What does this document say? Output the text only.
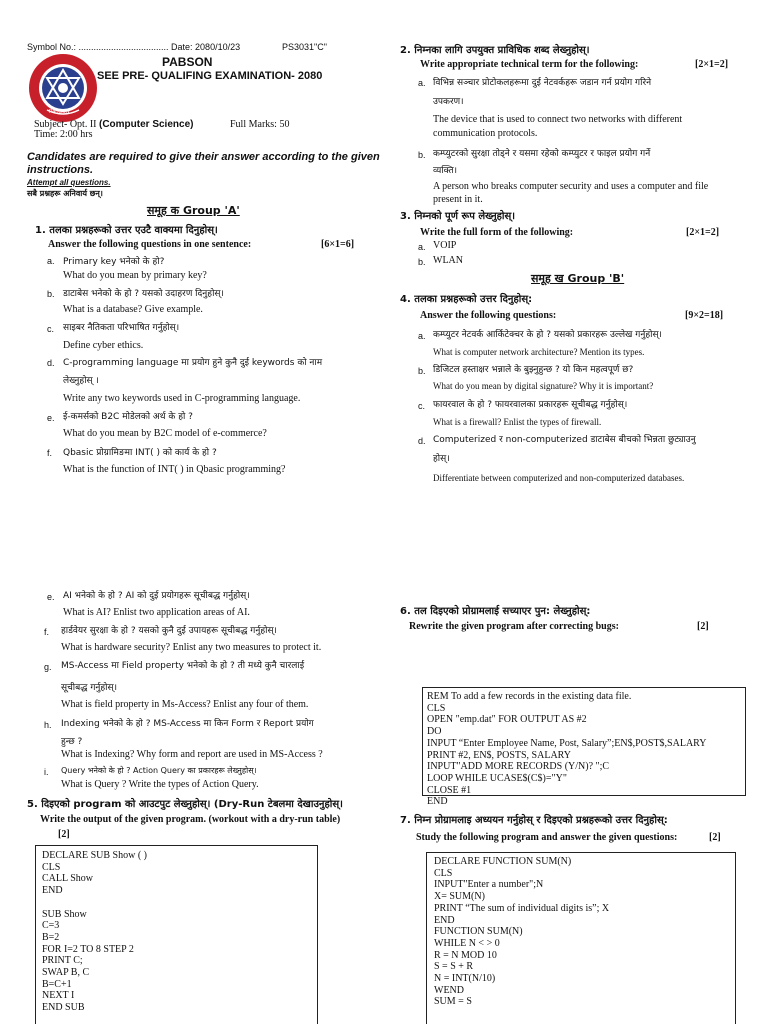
Symbol No.: .................................... Date: 2080/10/23	PS3031"C"
PABSON
PABSON
SEE PRE- QUALIFING EXAMINATION- 2080
Subject- Opt. II (Computer Science)	Full Marks: 50
Time: 2:00 hrs
Candidates are required to give their answer according to the given
instructions.
Attempt all questions.
सबै प्रश्नहरू अनिवार्य छन्।
समूह क Group 'A'
1. तलका प्रश्नहरूको उत्तर एउटै वाक्यमा दिनुहोस्।
Answer the following questions in one sentence:	[6×1=6]
a. Primary key भनेको के हो?
What do you mean by primary key?
b. डाटाबेस भनेको के हो ? यसको उदाहरण दिनुहोस्।
What is a database? Give example.
c. साइबर नैतिकता परिभाषित गर्नुहोस्।
Define cyber ethics.
d. C-programming language मा प्रयोग हुने कुनै दुई keywords को नाम
लेख्नुहोस् ।
Write any two keywords used in C-programming language.
e. ई-कमर्सको B2C मोडेलको अर्थ के हो ?
What do you mean by B2C model of e-commerce?
f. Qbasic प्रोग्रामिङमा INT( ) को कार्य के हो ?
What is the function of INT( ) in Qbasic programming?
2. निम्नका लागि उपयुक्त प्राविधिक शब्द लेख्नुहोस्।
Write appropriate technical term for the following:	[2×1=2]
a. विभिन्न सञ्चार प्रोटोकलहरूमा दुई नेटवर्कहरू जडान गर्न प्रयोग गरिने
उपकरण।
The device that is used to connect two networks with different
communication protocols.
b. कम्प्युटरको सुरक्षा तोड्ने र यसमा रहेको कम्प्युटर र फाइल प्रयोग गर्ने
व्यक्ति।
A person who breaks computer security and uses a computer and file
present in it.
3. निम्नको पूर्ण रूप लेख्नुहोस्।
Write the full form of the following:	[2×1=2]
a. VOIP
b. WLAN
समूह ख Group 'B'
4. तलका प्रश्नहरूको उत्तर दिनुहोस्:
Answer the following questions:	[9×2=18]
a. कम्प्युटर नेटवर्क आर्किटेक्चर के हो ? यसको प्रकारहरू उल्लेख गर्नुहोस्।
What is computer network architecture? Mention its types.
b. डिजिटल हस्ताक्षर भन्नाले के बुझ्नुहुन्छ ? यो किन महत्वपूर्ण छ?
What do you mean by digital signature? Why it is important?
c. फायरवाल के हो ? फायरवालका प्रकारहरू सूचीबद्ध गर्नुहोस्।
What is a firewall? Enlist the types of firewall.
d. Computerized र non-computerized डाटाबेस बीचको भिन्नता छुट्याउनु
होस्।
Differentiate between computerized and non-computerized databases.
e. AI भनेको के हो ? AI को दुई प्रयोगहरू सूचीबद्ध गर्नुहोस्।
What is AI? Enlist two application areas of AI.
f. हार्डवेयर सुरक्षा के हो ? यसको कुनै दुई उपायहरू सूचीबद्ध गर्नुहोस्।
What is hardware security? Enlist any two measures to protect it.
g. MS-Access मा Field property भनेको के हो ? ती मध्ये कुनै चारलाई
सूचीबद्ध गर्नुहोस्।
What is field property in Ms-Access? Enlist any four of them.
h. Indexing भनेको के हो ? MS-Access मा किन Form र Report प्रयोग
हुन्छ ?
What is Indexing? Why form and report are used in MS-Access ?
i. Query भनेको के हो ? Action Query का प्रकारहरू लेख्नुहोस्।
What is Query ? Write the types of Action Query.
5. दिइएको program को आउटपुट लेख्नुहोस्। (Dry-Run टेबलमा देखाउनुहोस्।
Write the output of the given program. (workout with a dry-run table)
[2]
DECLARE SUB Show ( )
CLS
CALL Show
END

SUB Show
C=3
B=2
FOR I=2 TO 8 STEP 2
PRINT C;
SWAP B, C
B=C+1
NEXT I
END SUB
6. तल दिइएको प्रोग्रामलाई सच्याएर पुन: लेख्नुहोस्:
Rewrite the given program after correcting bugs:	[2]
REM To add a few records in the existing data file.
CLS
OPEN "emp.dat" FOR OUTPUT AS #2
DO
INPUT “Enter Employee Name, Post, Salary”;EN$,POST$,SALARY
PRINT #2, EN$, POSTS, SALARY
INPUT"ADD MORE RECORDS (Y/N)? ";C
LOOP WHILE UCASE$(C$)="Y"
CLOSE #1
END
7. निम्न प्रोग्रामलाइ अध्ययन गर्नुहोस् र दिइएको प्रश्नहरूको उत्तर दिनुहोस्:
Study the following program and answer the given questions:	[2]
DECLARE FUNCTION SUM(N)
CLS
INPUT"Enter a number";N
X= SUM(N)
PRINT “The sum of individual digits is”; X
END
FUNCTION SUM(N)
WHILE N < > 0
R = N MOD 10
S = S + R
N = INT(N/10)
WEND
SUM = S
